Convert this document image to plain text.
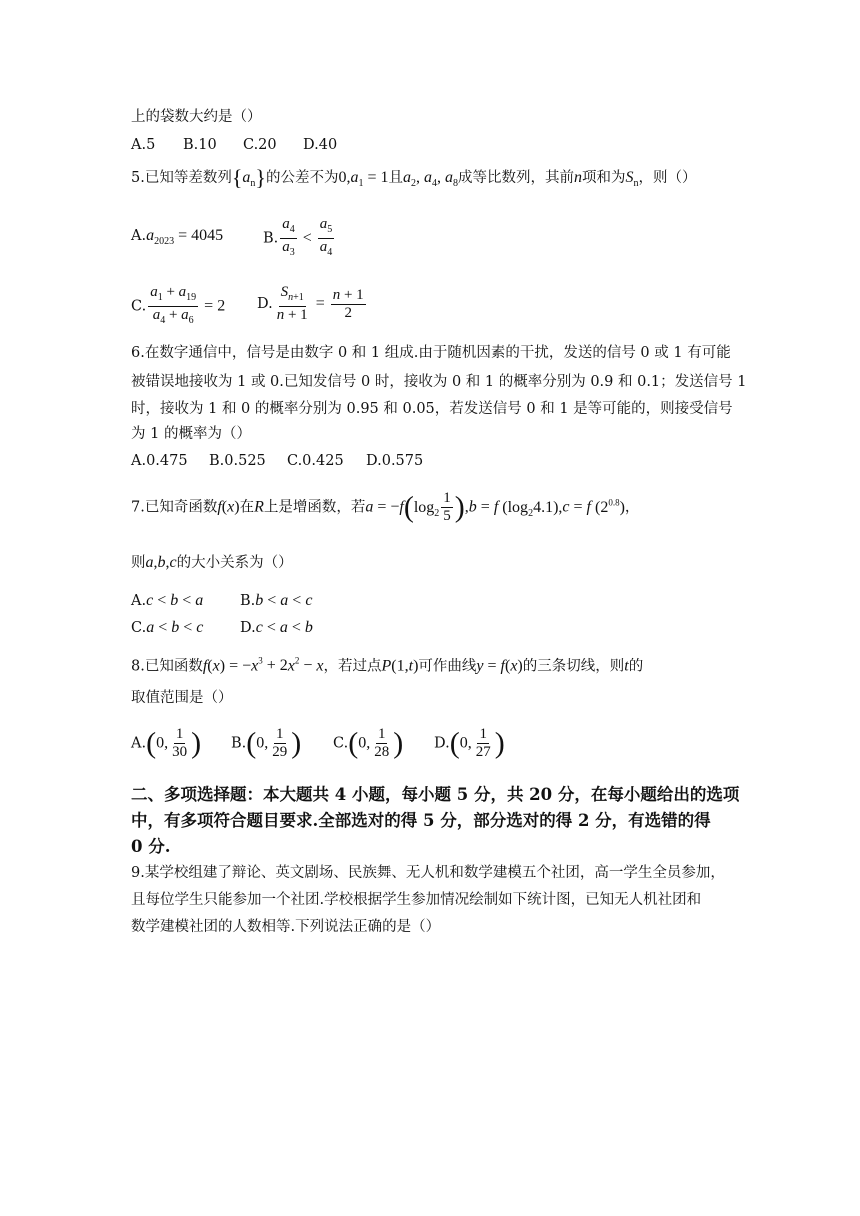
上的袋数大约是（）
A.5 B.10 C.20 D.40
5.已知等差数列$\{a_n\}$的公差不为$0,a_1 = 1$且$a_2$, $a_4$, $a_8$成等比数列，其前n项和为$S_n$，则（）
$A.a_{2023} = 4045$	B. $\frac{a_4}{a_3} < \frac{a_5}{a_4}$
C. $\frac{a_1 + a_{19}}{a_4 + a_6} = 2$ D. $\frac{S_{n+1}}{n + 1} = \frac{n + 1}{2}$
6.在数字通信中，信号是由数字 0 和 1 组成.由于随机因素的干扰，发送的信号 0 或 1 有可能
被错误地接收为 1 或 0.已知发信号 0 时，接收为 0 和 1 的概率分别为 0.9 和 0.1；发送信号 1
时，接收为 1 和 0 的概率分别为 0.95 和 0.05，若发送信号 0 和 1 是等可能的，则接受信号
为 1 的概率为（）
A.0.475 B.0.525 C.0.425 D.0.575
7.已知奇函数f(x)在R上是增函数，若$a = -f(\log_2 \frac{1}{5} ),b = f$ $(\log_24.1),c = f$ $(2^{0.8})$，
则a,b,c的大小关系为（）
A.c < b < a	B.b < a < c
C.a < b < c	D.c < a < b
8.已知函数$f(x) = -x^3 + 2x^2 - x$，若过点P(1,t)可作曲线y = f(x)的三条切线，则t的
取值范围是（）
A.(0, $\frac{1}{30}$ ) B.(0, $\frac{1}{29}$ ) C.(0, $\frac{1}{28}$ ) D.(0, $\frac{1}{27}$ )
二、多项选择题：本大题共 4 小题，每小题 5 分，共 20 分，在每小题给出的选项
中，有多项符合题目要求.全部选对的得 5 分，部分选对的得 2 分，有选错的得
0 分.
9.某学校组建了辩论、英文剧场、民族舞、无人机和数学建模五个社团，高一学生全员参加，
且每位学生只能参加一个社团.学校根据学生参加情况绘制如下统计图，已知无人机社团和
数学建模社团的人数相等.下列说法正确的是（）
